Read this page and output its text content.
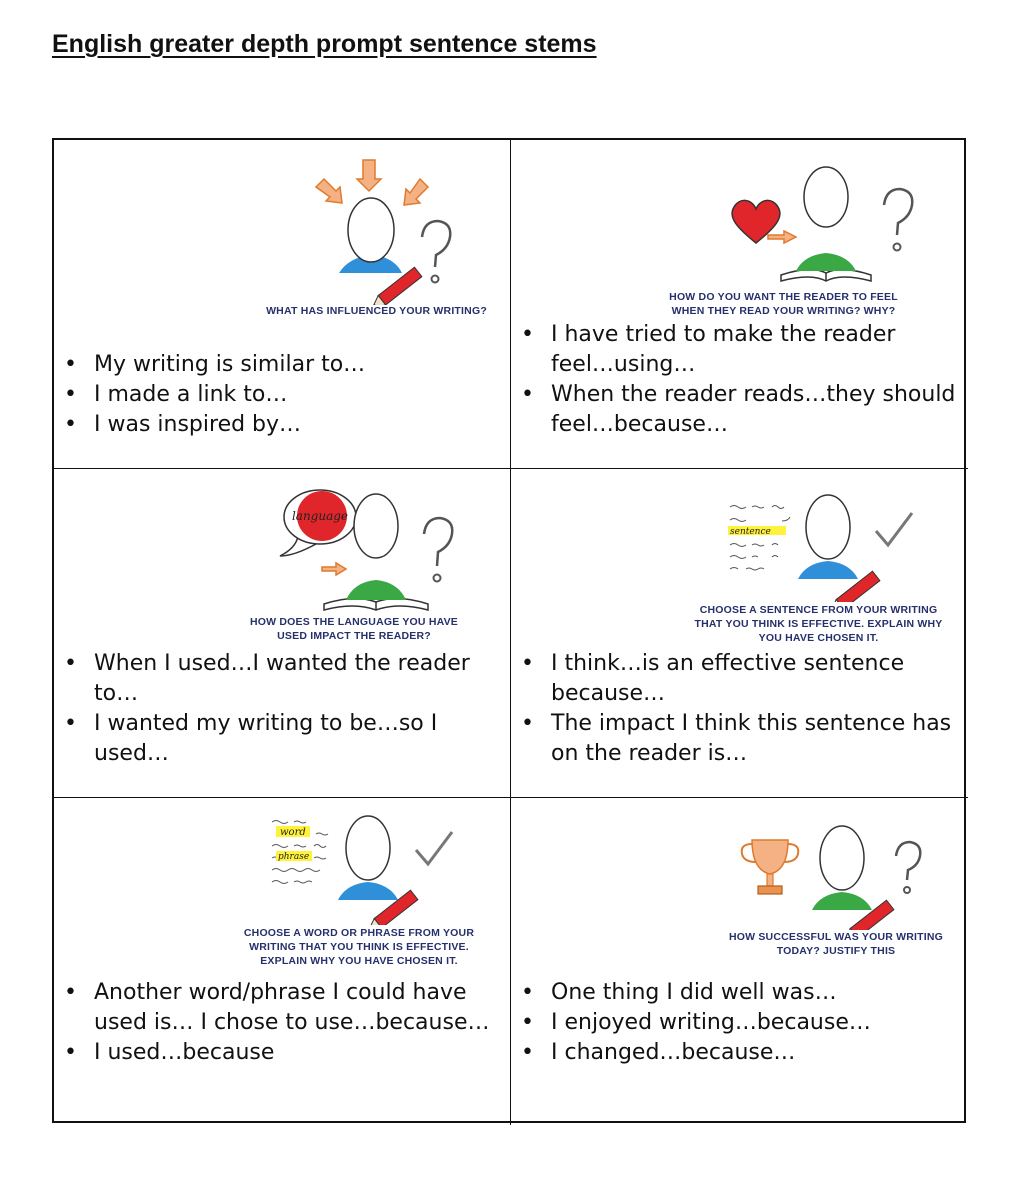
English greater depth prompt sentence stems
WHAT HAS INFLUENCED YOUR WRITING?
• My writing is similar to…
• I made a link to…
• I was inspired by…
HOW DO YOU WANT THE READER TO FEEL
WHEN THEY READ YOUR WRITING? WHY?
• I have tried to make the reader feel…using…
• When the reader reads…they should feel…because…
language
HOW DOES THE LANGUAGE YOU HAVE
USED IMPACT THE READER?
• When I used…I wanted the reader to…
• I wanted my writing to be…so I used…
sentence
CHOOSE A SENTENCE FROM YOUR WRITING
THAT YOU THINK IS EFFECTIVE. EXPLAIN WHY
YOU HAVE CHOSEN IT.
• I think…is an effective sentence because…
• The impact I think this sentence has on the reader is…
word
phrase
CHOOSE A WORD OR PHRASE FROM YOUR
WRITING THAT YOU THINK IS EFFECTIVE.
EXPLAIN WHY YOU HAVE CHOSEN IT.
• Another word/phrase I could have used is… I chose to use…because…
• I used…because
HOW SUCCESSFUL WAS YOUR WRITING
TODAY? JUSTIFY THIS
• One thing I did well was…
• I enjoyed writing…because…
• I changed…because…
